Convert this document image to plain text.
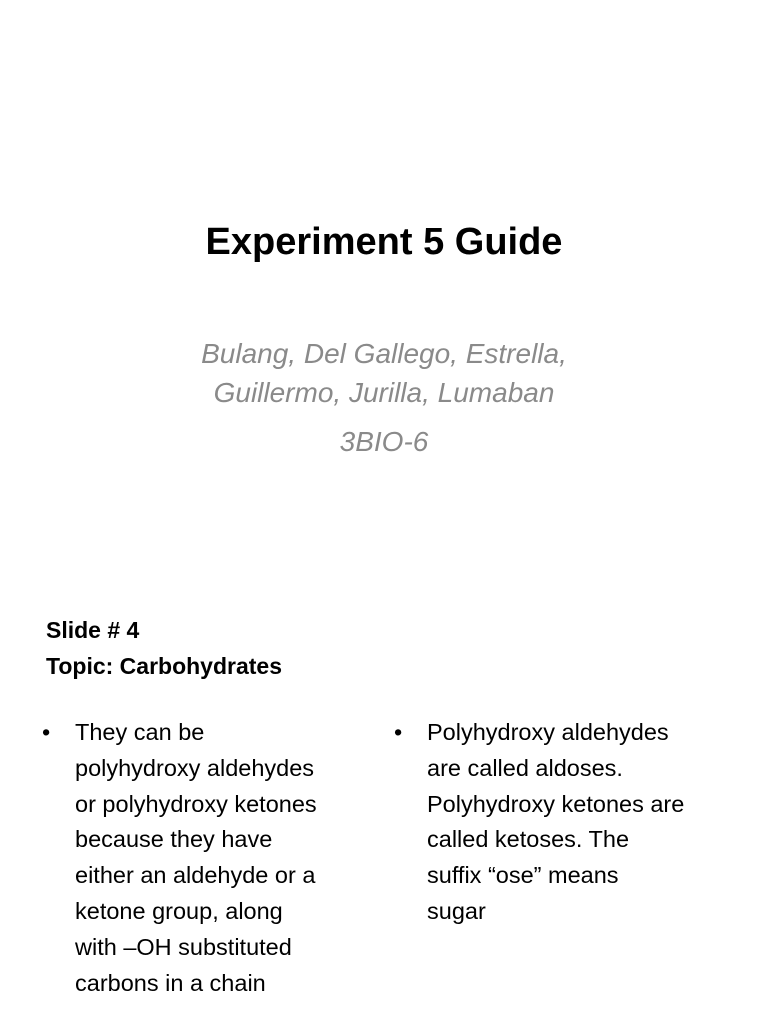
Experiment 5 Guide
Bulang, Del Gallego, Estrella,
Guillermo, Jurilla, Lumaban
3BIO-6
Slide # 4
Topic: Carbohydrates
•	They can be
polyhydroxy aldehydes
or polyhydroxy ketones
because they have
either an aldehyde or a
ketone group, along
with –OH substituted
carbons in a chain
•	Polyhydroxy aldehydes
are called aldoses.
Polyhydroxy ketones are
called ketoses. The
suffix “ose” means
sugar
